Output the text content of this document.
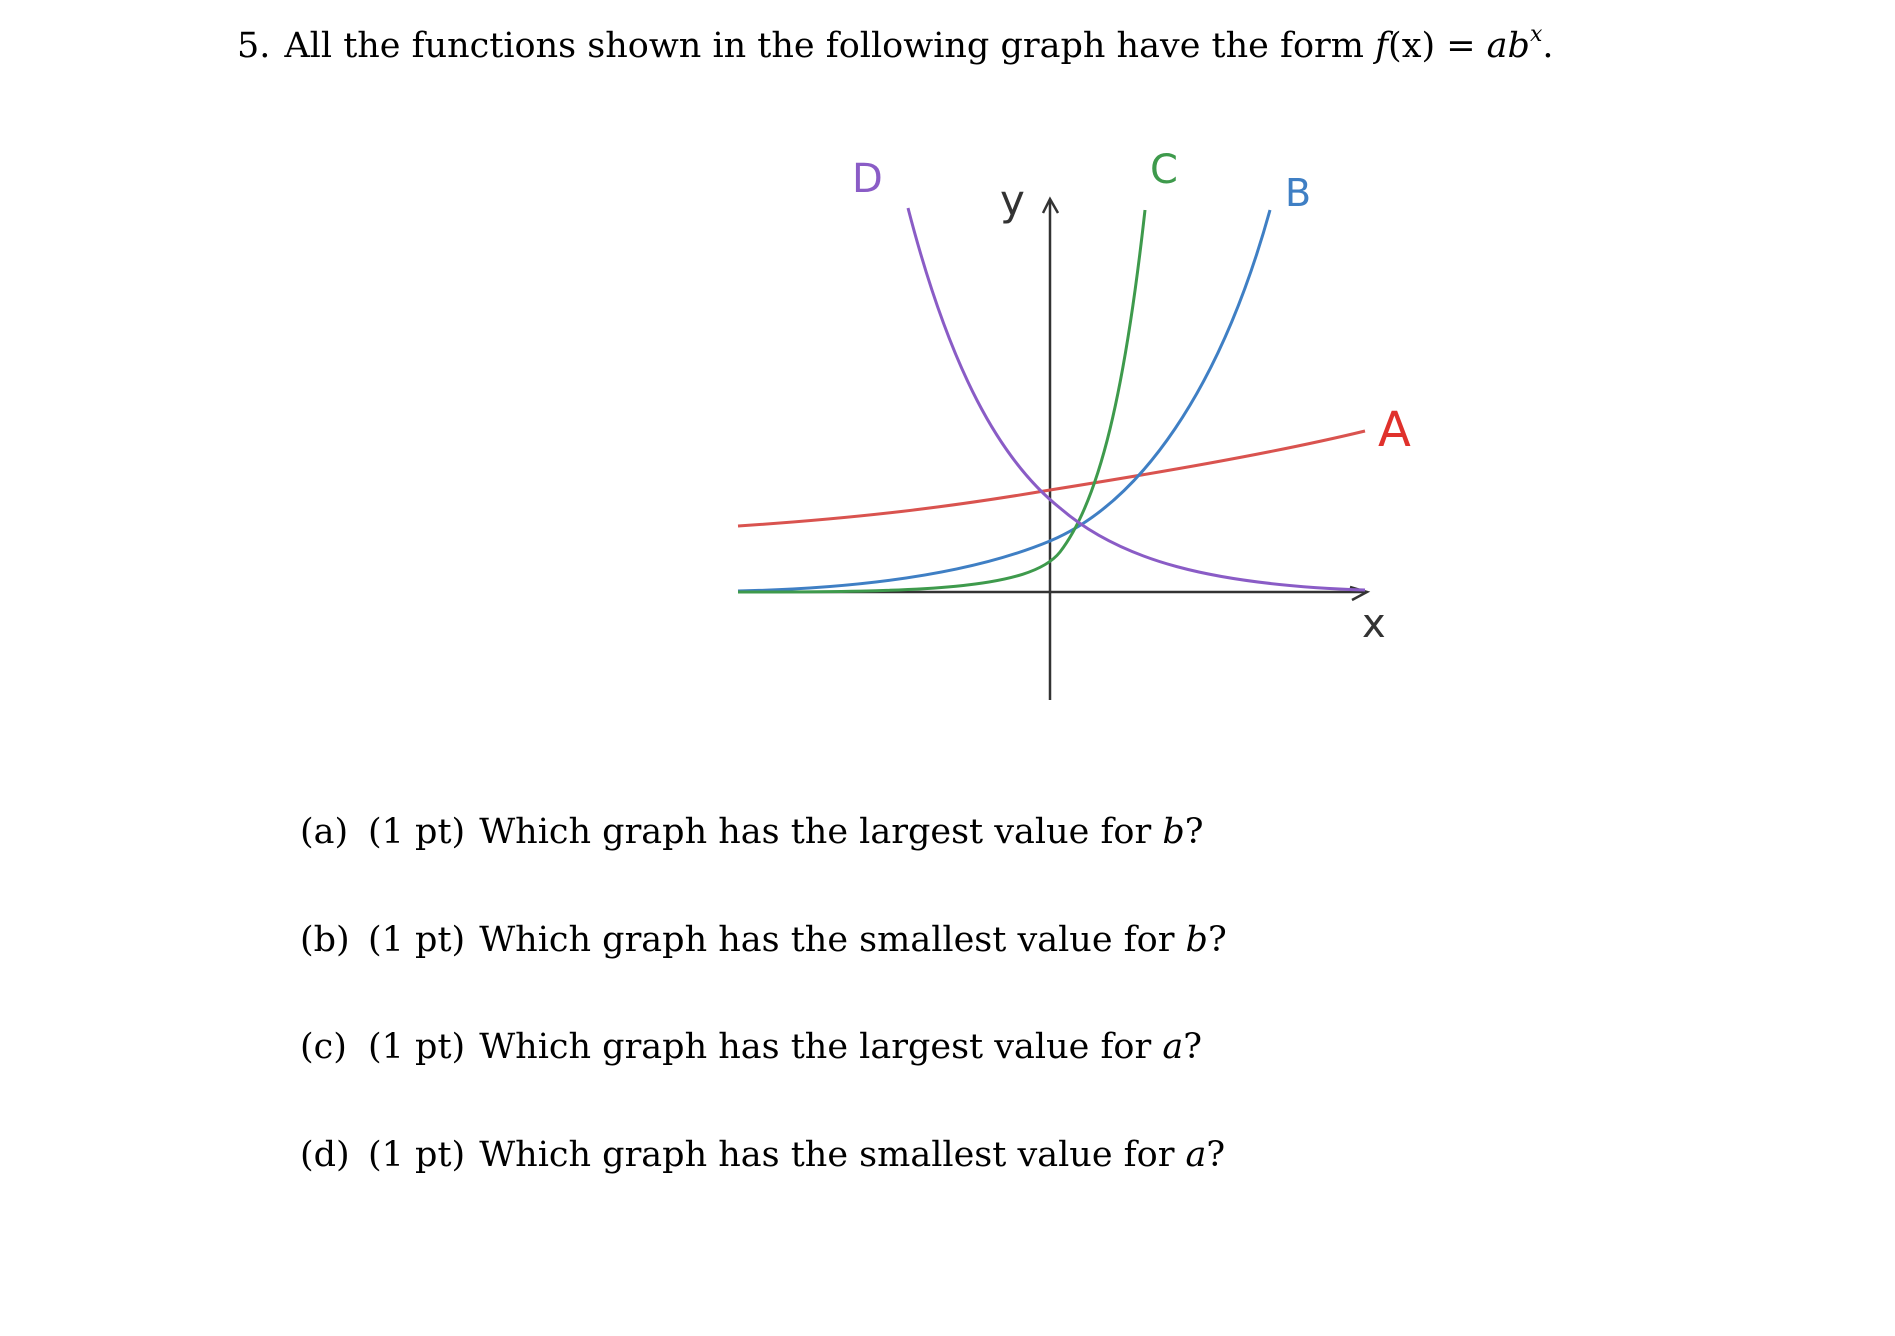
5. All the functions shown in the following graph have the form $f(x) = ab^x$.
y
x
D	C	B
A
(a) (1 pt) Which graph has the largest value for b?
(b) (1 pt) Which graph has the smallest value for b?
(c) (1 pt) Which graph has the largest value for a?
(d) (1 pt) Which graph has the smallest value for a?
